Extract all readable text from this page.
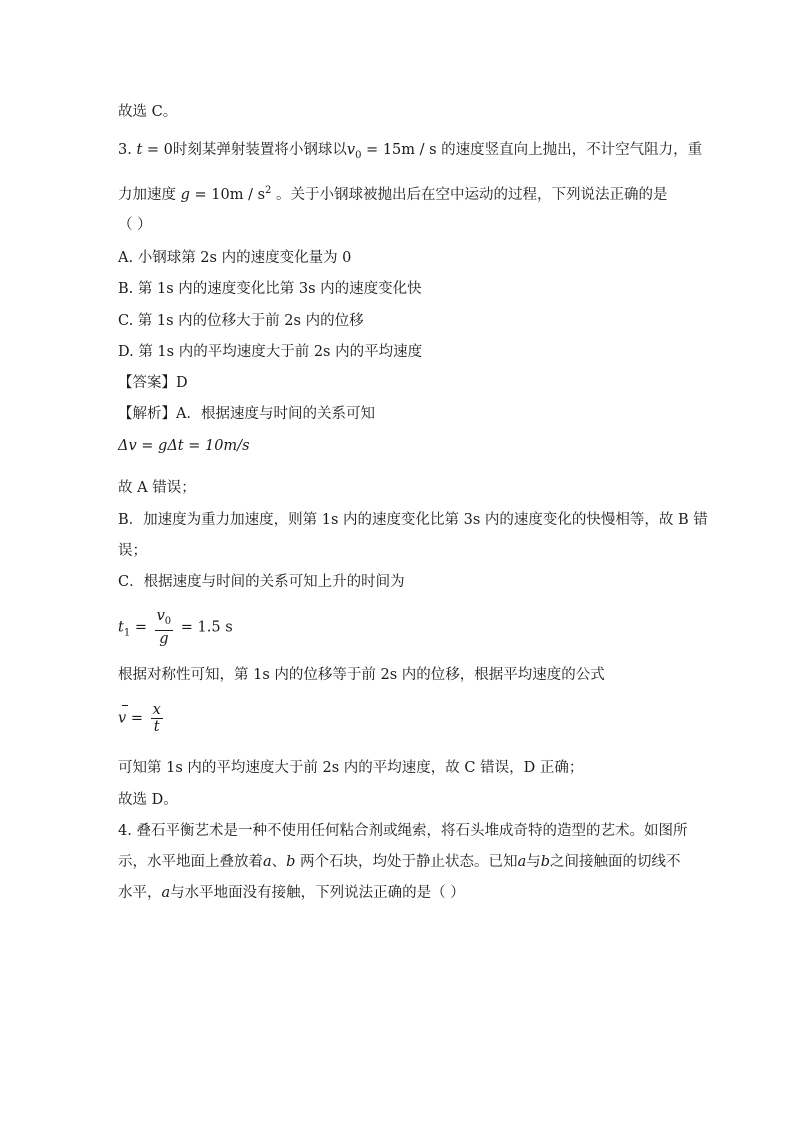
故选 C。
3. t = 0时刻某弹射装置将小钢球以$v_0 = 15m / s$ 的速度竖直向上抛出，不计空气阻力，重
力加速度 $g = 10m / s^2$ 。关于小钢球被抛出后在空中运动的过程，下列说法正确的是
（ ）
A. 小钢球第 2s 内的速度变化量为 0
B. 第 1s 内的速度变化比第 3s 内的速度变化快
C. 第 1s 内的位移大于前 2s 内的位移
D. 第 1s 内的平均速度大于前 2s 内的平均速度
【答案】D
【解析】A．根据速度与时间的关系可知
Δv = gΔt = 10m/s
故 A 错误；
B．加速度为重力加速度，则第 1s 内的速度变化比第 3s 内的速度变化的快慢相等，故 B 错
误；
C．根据速度与时间的关系可知上升的时间为
$t_1 = \frac{v_0}{g} = 1.5$ s
根据对称性可知，第 1s 内的位移等于前 2s 内的位移，根据平均速度的公式
$v = \frac{x}{t}$
可知第 1s 内的平均速度大于前 2s 内的平均速度，故 C 错误，D 正确；
故选 D。
4. 叠石平衡艺术是一种不使用任何粘合剂或绳索，将石头堆成奇特的造型的艺术。如图所
示，水平地面上叠放着a、b 两个石块，均处于静止状态。已知a与b之间接触面的切线不
水平，a与水平地面没有接触，下列说法正确的是（ ）
